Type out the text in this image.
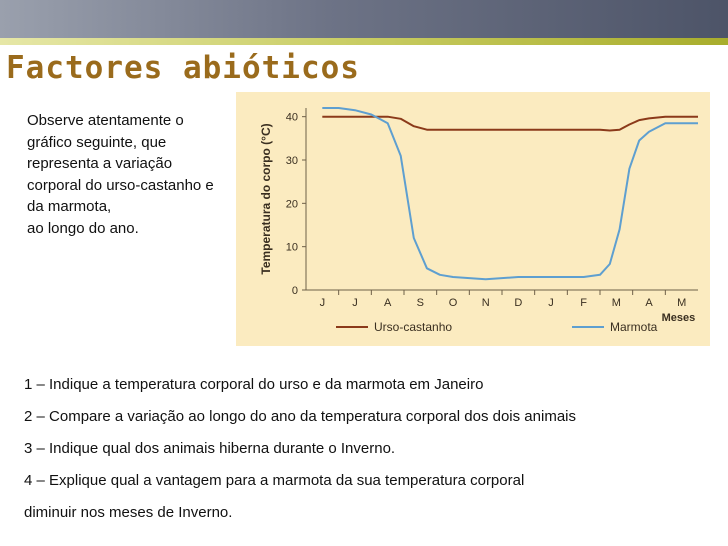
Factores abióticos
Observe atentamente o
gráfico seguinte, que
representa a variação
corporal do urso-castanho e
da marmota,
ao longo do ano.	Temperatura do corpo (°C)
0
10
20
30
40
J J A S O N D J F M A M
Meses
Urso-castanho	Marmota
1 – Indique a temperatura corporal do urso e da marmota em Janeiro
2 – Compare a variação ao longo do ano da temperatura corporal dos dois animais
3 – Indique qual dos animais hiberna durante o Inverno.
4 – Explique qual a vantagem para a marmota da sua temperatura corporal
diminuir nos meses de Inverno.
